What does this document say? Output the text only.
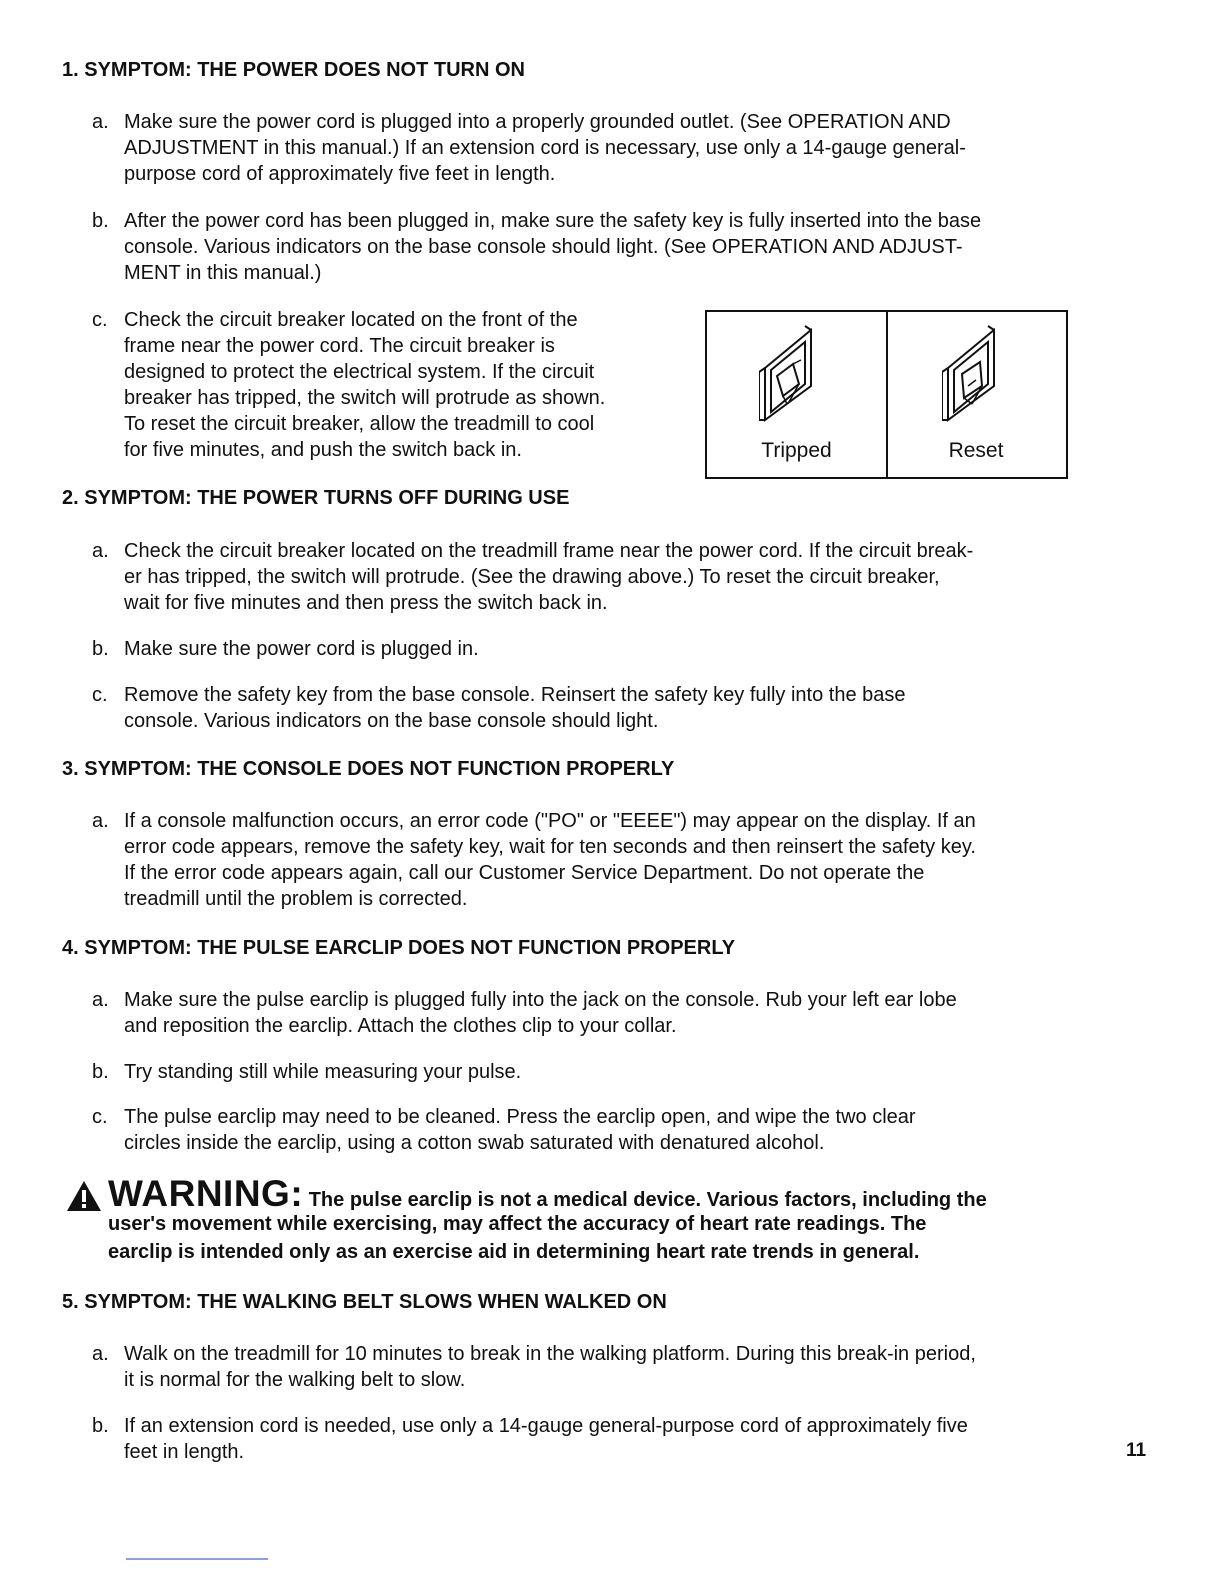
1. SYMPTOM: THE POWER DOES NOT TURN ON
a. Make sure the power cord is plugged into a properly grounded outlet. (See OPERATION AND
ADJUSTMENT in this manual.) If an extension cord is necessary, use only a 14-gauge general-
purpose cord of approximately five feet in length.
b. After the power cord has been plugged in, make sure the safety key is fully inserted into the base
console. Various indicators on the base console should light. (See OPERATION AND ADJUST-
MENT in this manual.)
c. Check the circuit breaker located on the front of the
frame near the power cord. The circuit breaker is
designed to protect the electrical system. If the circuit
breaker has tripped, the switch will protrude as shown.
To reset the circuit breaker, allow the treadmill to cool
for five minutes, and push the switch back in.	Tripped	Reset
2. SYMPTOM: THE POWER TURNS OFF DURING USE
a. Check the circuit breaker located on the treadmill frame near the power cord. If the circuit break-
er has tripped, the switch will protrude. (See the drawing above.) To reset the circuit breaker,
wait for five minutes and then press the switch back in.
b. Make sure the power cord is plugged in.
c. Remove the safety key from the base console. Reinsert the safety key fully into the base
console. Various indicators on the base console should light.
3. SYMPTOM: THE CONSOLE DOES NOT FUNCTION PROPERLY
a. If a console malfunction occurs, an error code ("PO" or "EEEE") may appear on the display. If an
error code appears, remove the safety key, wait for ten seconds and then reinsert the safety key.
If the error code appears again, call our Customer Service Department. Do not operate the
treadmill until the problem is corrected.
4. SYMPTOM: THE PULSE EARCLIP DOES NOT FUNCTION PROPERLY
a. Make sure the pulse earclip is plugged fully into the jack on the console. Rub your left ear lobe
and reposition the earclip. Attach the clothes clip to your collar.
b. Try standing still while measuring your pulse.
c. The pulse earclip may need to be cleaned. Press the earclip open, and wipe the two clear
circles inside the earclip, using a cotton swab saturated with denatured alcohol.
WARNING: The pulse earclip is not a medical device. Various factors, including the
user's movement while exercising, may affect the accuracy of heart rate readings. The
earclip is intended only as an exercise aid in determining heart rate trends in general.
5. SYMPTOM: THE WALKING BELT SLOWS WHEN WALKED ON
a. Walk on the treadmill for 10 minutes to break in the walking platform. During this break-in period,
it is normal for the walking belt to slow.
b. If an extension cord is needed, use only a 14-gauge general-purpose cord of approximately five
feet in length.	11
